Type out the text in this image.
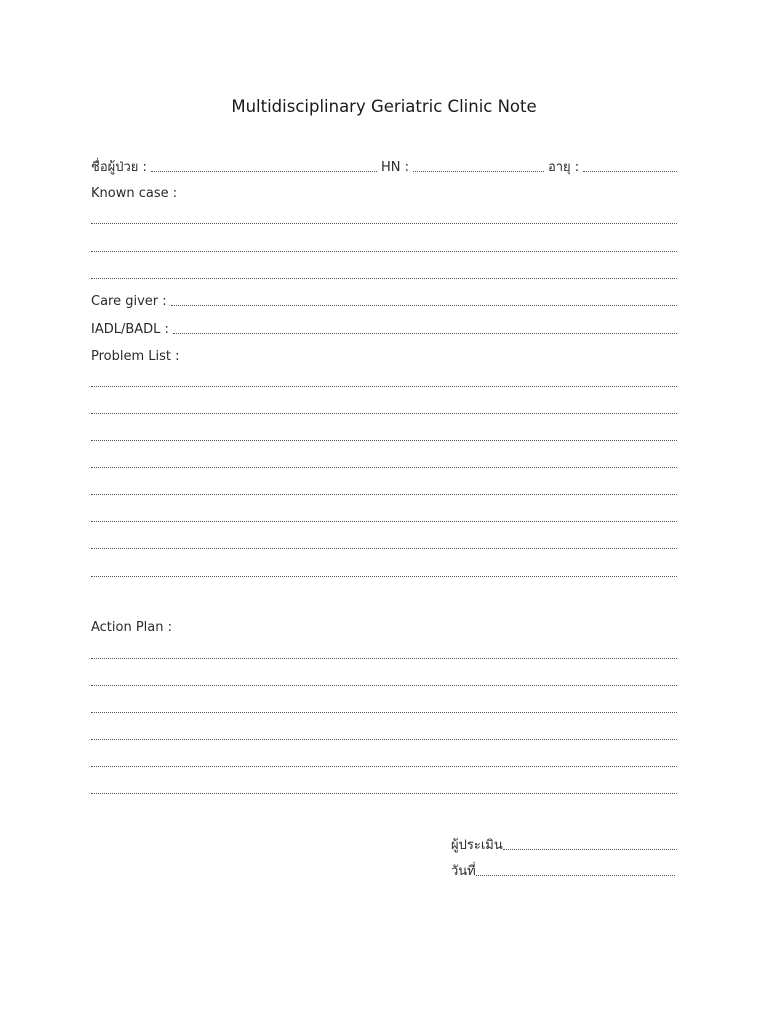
Multidisciplinary Geriatric Clinic Note
ชื่อผู้ป่วย :	HN :	อายุ :
Known case :
Care giver :
IADL/BADL :
Problem List :
Action Plan :
ผู้ประเมิน
วันที่
